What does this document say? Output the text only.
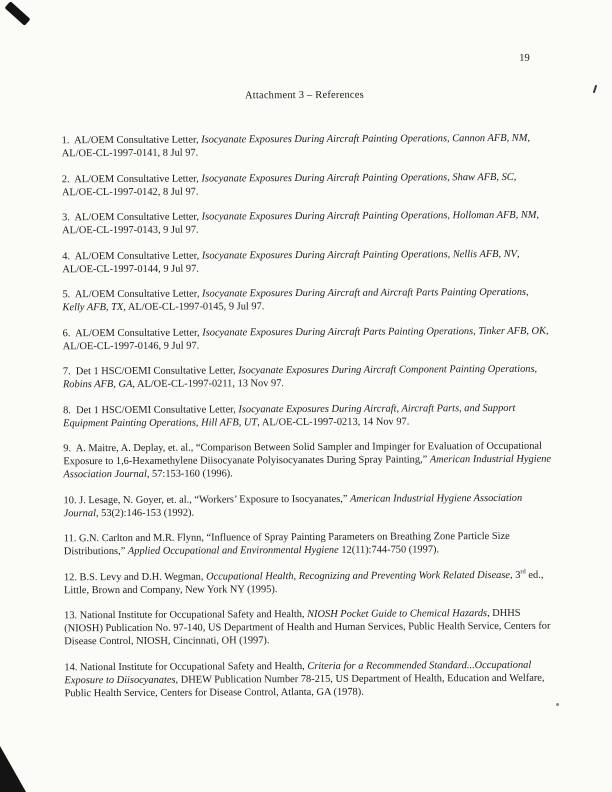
19
Attachment 3 – References

1.  AL/OEM Consultative Letter, Isocyanate Exposures During Aircraft Painting Operations, Cannon AFB, NM, AL/OE-CL-1997-0141, 8 Jul 97.

2.  AL/OEM Consultative Letter, Isocyanate Exposures During Aircraft Painting Operations, Shaw AFB, SC, AL/OE-CL-1997-0142, 8 Jul 97.

3.  AL/OEM Consultative Letter, Isocyanate Exposures During Aircraft Painting Operations, Holloman AFB, NM, AL/OE-CL-1997-0143, 9 Jul 97.

4.  AL/OEM Consultative Letter, Isocyanate Exposures During Aircraft Painting Operations, Nellis AFB, NV, AL/OE-CL-1997-0144, 9 Jul 97.

5.  AL/OEM Consultative Letter, Isocyanate Exposures During Aircraft and Aircraft Parts Painting Operations, Kelly AFB, TX, AL/OE-CL-1997-0145, 9 Jul 97.

6.  AL/OEM Consultative Letter, Isocyanate Exposures During Aircraft Parts Painting Operations, Tinker AFB, OK, AL/OE-CL-1997-0146, 9 Jul 97.

7.  Det 1 HSC/OEMI Consultative Letter, Isocyanate Exposures During Aircraft Component Painting Operations, Robins AFB, GA, AL/OE-CL-1997-0211, 13 Nov 97.

8.  Det 1 HSC/OEMI Consultative Letter, Isocyanate Exposures During Aircraft, Aircraft Parts, and Support Equipment Painting Operations, Hill AFB, UT, AL/OE-CL-1997-0213, 14 Nov 97.

9.  A. Maitre, A. Deplay, et. al., “Comparison Between Solid Sampler and Impinger for Evaluation of Occupational Exposure to 1,6-Hexamethylene Diisocyanate Polyisocyanates During Spray Painting,” American Industrial Hygiene Association Journal, 57:153-160 (1996).

10. J. Lesage, N. Goyer, et. al., “Workers’ Exposure to Isocyanates,” American Industrial Hygiene Association Journal, 53(2):146-153 (1992).

11. G.N. Carlton and M.R. Flynn, “Influence of Spray Painting Parameters on Breathing Zone Particle Size Distributions,” Applied Occupational and Environmental Hygiene 12(11):744-750 (1997).

12. B.S. Levy and D.H. Wegman, Occupational Health, Recognizing and Preventing Work Related Disease, 3rd ed., Little, Brown and Company, New York NY (1995).

13. National Institute for Occupational Safety and Health, NIOSH Pocket Guide to Chemical Hazards, DHHS (NIOSH) Publication No. 97-140, US Department of Health and Human Services, Public Health Service, Centers for Disease Control, NIOSH, Cincinnati, OH (1997).

14. National Institute for Occupational Safety and Health, Criteria for a Recommended Standard...Occupational Exposure to Diisocyanates, DHEW Publication Number 78-215, US Department of Health, Education and Welfare, Public Health Service, Centers for Disease Control, Atlanta, GA (1978).
